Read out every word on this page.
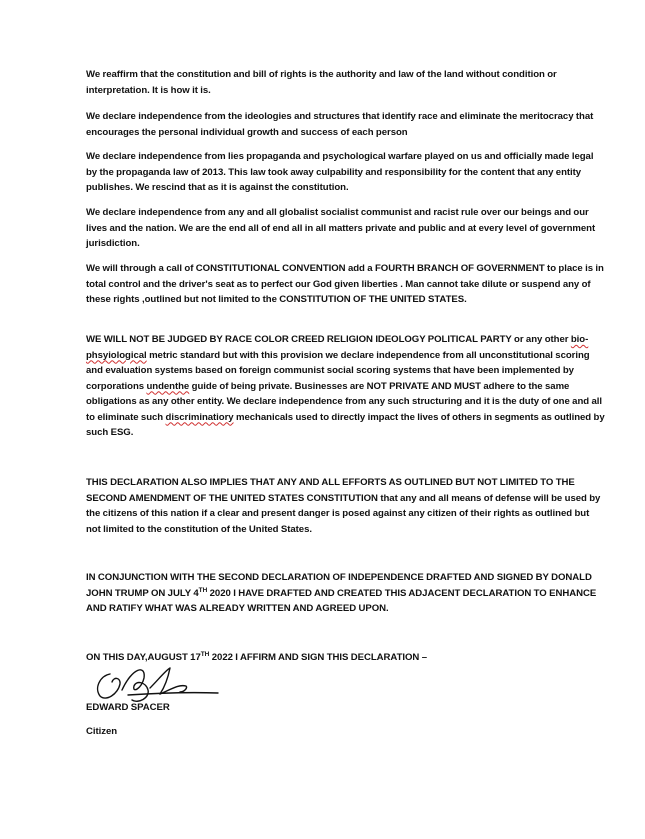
We reaffirm that the constitution and bill of rights is the authority and law of the land without condition or interpretation. It is how it is.

We declare independence from the ideologies and structures that identify race and eliminate the meritocracy that encourages the personal individual growth and success of each person

We declare independence from lies propaganda and psychological warfare played on us and officially made legal by the propaganda law of 2013. This law took away culpability and responsibility for the content that any entity publishes. We rescind that as it is against the constitution.

We declare independence from any and all globalist socialist communist and racist rule over our beings and our lives and the nation. We are the end all of end all in all matters private and public and at every level of government jurisdiction.

We will through a call of CONSTITUTIONAL CONVENTION add a FOURTH BRANCH OF GOVERNMENT to place is in total control and the driver's seat as to perfect our God given liberties . Man cannot take dilute or suspend any of these rights ,outlined but not limited to the CONSTITUTION OF THE UNITED STATES.

WE WILL NOT BE JUDGED BY RACE COLOR CREED RELIGION IDEOLOGY POLITICAL PARTY or any other bio-phsyiological metric standard but with this provision we declare independence from all unconstitutional scoring and evaluation systems based on foreign communist social scoring systems that have been implemented by corporations undenthe guide of being private. Businesses are NOT PRIVATE AND MUST adhere to the same obligations as any other entity. We declare independence from any such structuring and it is the duty of one and all to eliminate such discriminatiory mechanicals used to directly impact the lives of others in segments as outlined by such ESG.

THIS DECLARATION ALSO IMPLIES THAT ANY AND ALL EFFORTS AS OUTLINED BUT NOT LIMITED TO THE SECOND AMENDMENT OF THE UNITED STATES CONSTITUTION that any and all means of defense will be used by the citizens of this nation if a clear and present danger is posed against any citizen of their rights as outlined but not limited to the constitution of the United States.

IN CONJUNCTION WITH THE SECOND DECLARATION OF INDEPENDENCE DRAFTED AND SIGNED BY DONALD JOHN TRUMP ON JULY 4TH 2020 I HAVE DRAFTED AND CREATED THIS ADJACENT DECLARATION TO ENHANCE AND RATIFY WHAT WAS ALREADY WRITTEN AND AGREED UPON.

ON THIS DAY,AUGUST 17TH 2022 I AFFIRM AND SIGN THIS DECLARATION –

EDWARD SPACER

Citizen
